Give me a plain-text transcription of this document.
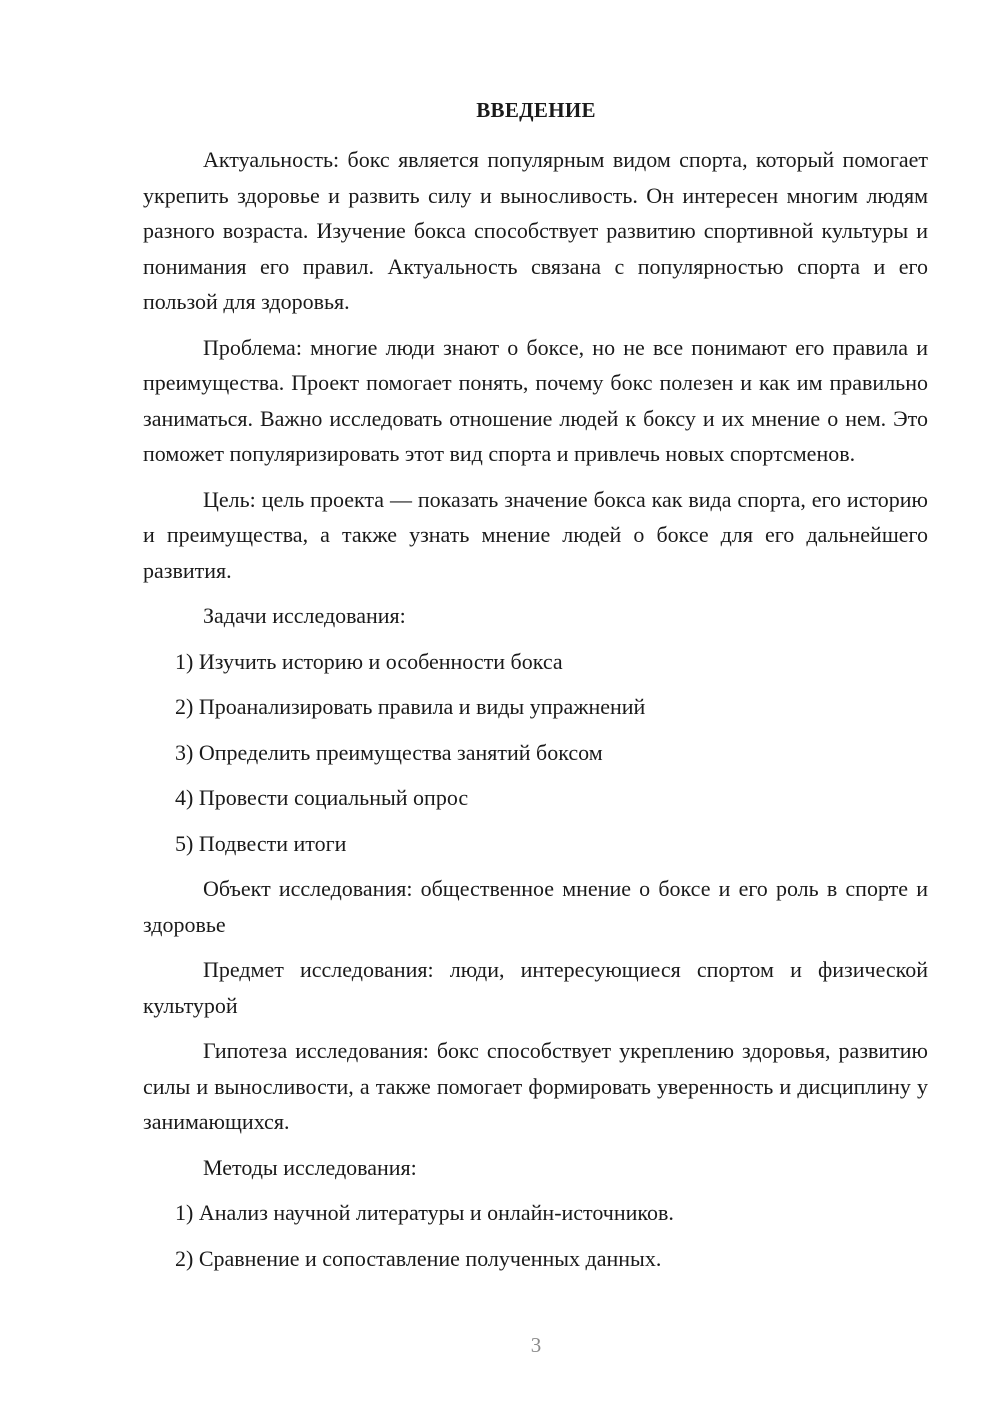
ВВЕДЕНИЕ

Актуальность: бокс является популярным видом спорта, который помогает укрепить здоровье и развить силу и выносливость. Он интересен многим людям разного возраста. Изучение бокса способствует развитию спортивной культуры и понимания его правил. Актуальность связана с популярностью спорта и его пользой для здоровья.

Проблема: многие люди знают о боксе, но не все понимают его правила и преимущества. Проект помогает понять, почему бокс полезен и как им правильно заниматься. Важно исследовать отношение людей к боксу и их мнение о нем. Это поможет популяризировать этот вид спорта и привлечь новых спортсменов.

Цель: цель проекта — показать значение бокса как вида спорта, его историю и преимущества, а также узнать мнение людей о боксе для его дальнейшего развития.

Задачи исследования:

1) Изучить историю и особенности бокса

2) Проанализировать правила и виды упражнений

3) Определить преимущества занятий боксом

4) Провести социальный опрос

5) Подвести итоги

Объект исследования: общественное мнение о боксе и его роль в спорте и здоровье

Предмет исследования: люди, интересующиеся спортом и физической культурой

Гипотеза исследования: бокс способствует укреплению здоровья, развитию силы и выносливости, а также помогает формировать уверенность и дисциплину у занимающихся.

Методы исследования:

1) Анализ научной литературы и онлайн-источников.

2) Сравнение и сопоставление полученных данных.

3
